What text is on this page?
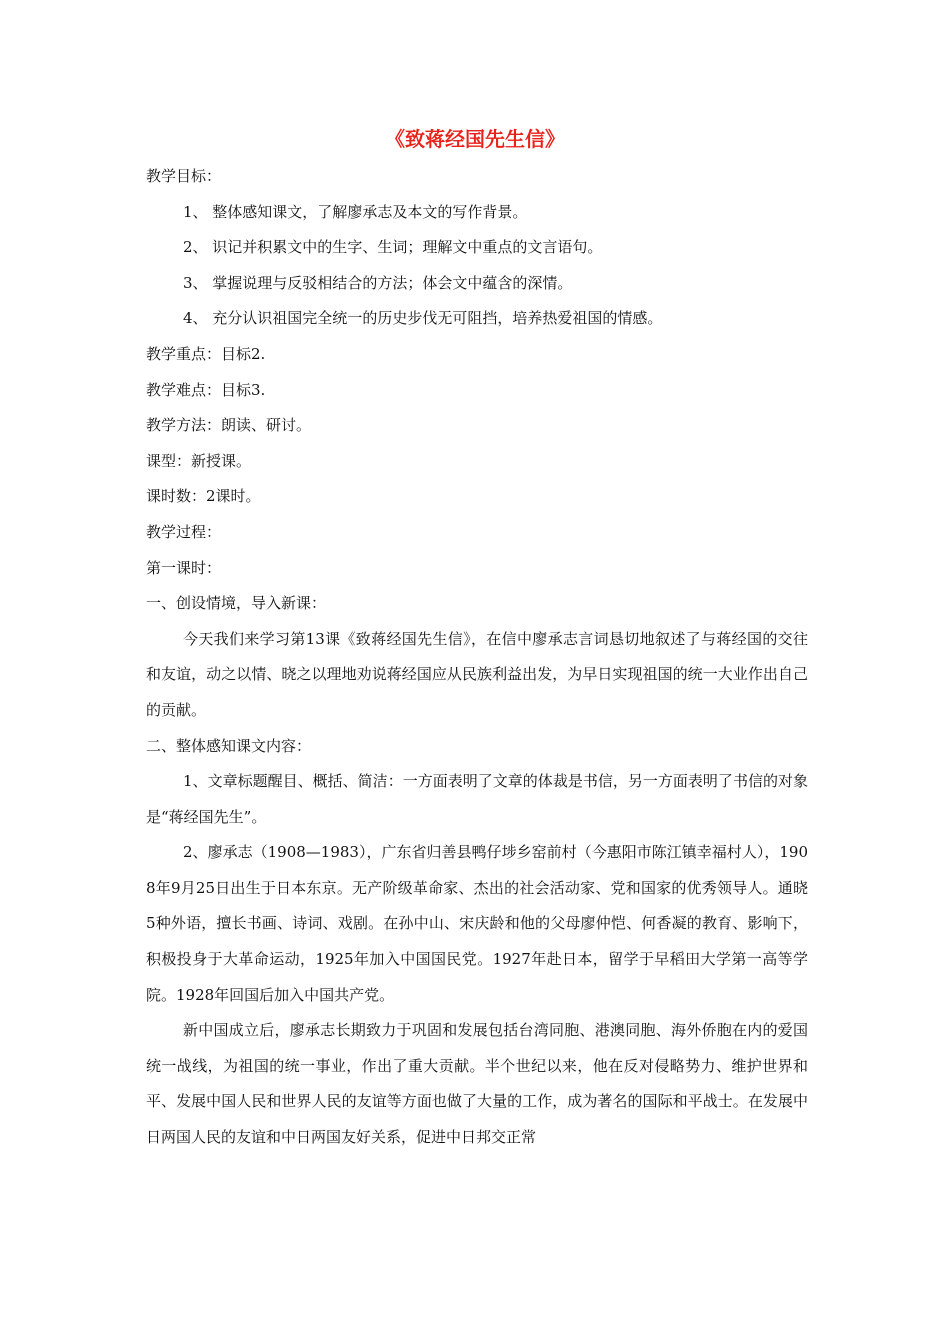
《致蒋经国先生信》

教学目标：

1、 整体感知课文，了解廖承志及本文的写作背景。

2、 识记并积累文中的生字、生词；理解文中重点的文言语句。

3、 掌握说理与反驳相结合的方法；体会文中蕴含的深情。

4、 充分认识祖国完全统一的历史步伐无可阻挡，培养热爱祖国的情感。

教学重点：目标2.

教学难点：目标3.

教学方法：朗读、研讨。

课型：新授课。

课时数：2课时。

教学过程：

第一课时：

一、创设情境，导入新课：

今天我们来学习第13课《致蒋经国先生信》，在信中廖承志言词恳切地叙述了与蒋经国的交往和友谊，动之以情、晓之以理地劝说蒋经国应从民族利益出发，为早日实现祖国的统一大业作出自己的贡献。

二、整体感知课文内容：

1、文章标题醒目、概括、简洁：一方面表明了文章的体裁是书信，另一方面表明了书信的对象是“蒋经国先生”。

2、廖承志（1908—1983），广东省归善县鸭仔埗乡窑前村（今惠阳市陈江镇幸福村人），1908年9月25日出生于日本东京。无产阶级革命家、杰出的社会活动家、党和国家的优秀领导人。通晓5种外语，擅长书画、诗词、戏剧。在孙中山、宋庆龄和他的父母廖仲恺、何香凝的教育、影响下，积极投身于大革命运动，1925年加入中国国民党。1927年赴日本，留学于早稻田大学第一高等学院。1928年回国后加入中国共产党。

新中国成立后，廖承志长期致力于巩固和发展包括台湾同胞、港澳同胞、海外侨胞在内的爱国统一战线，为祖国的统一事业，作出了重大贡献。半个世纪以来，他在反对侵略势力、维护世界和平、发展中国人民和世界人民的友谊等方面也做了大量的工作，成为著名的国际和平战士。在发展中日两国人民的友谊和中日两国友好关系，促进中日邦交正常
